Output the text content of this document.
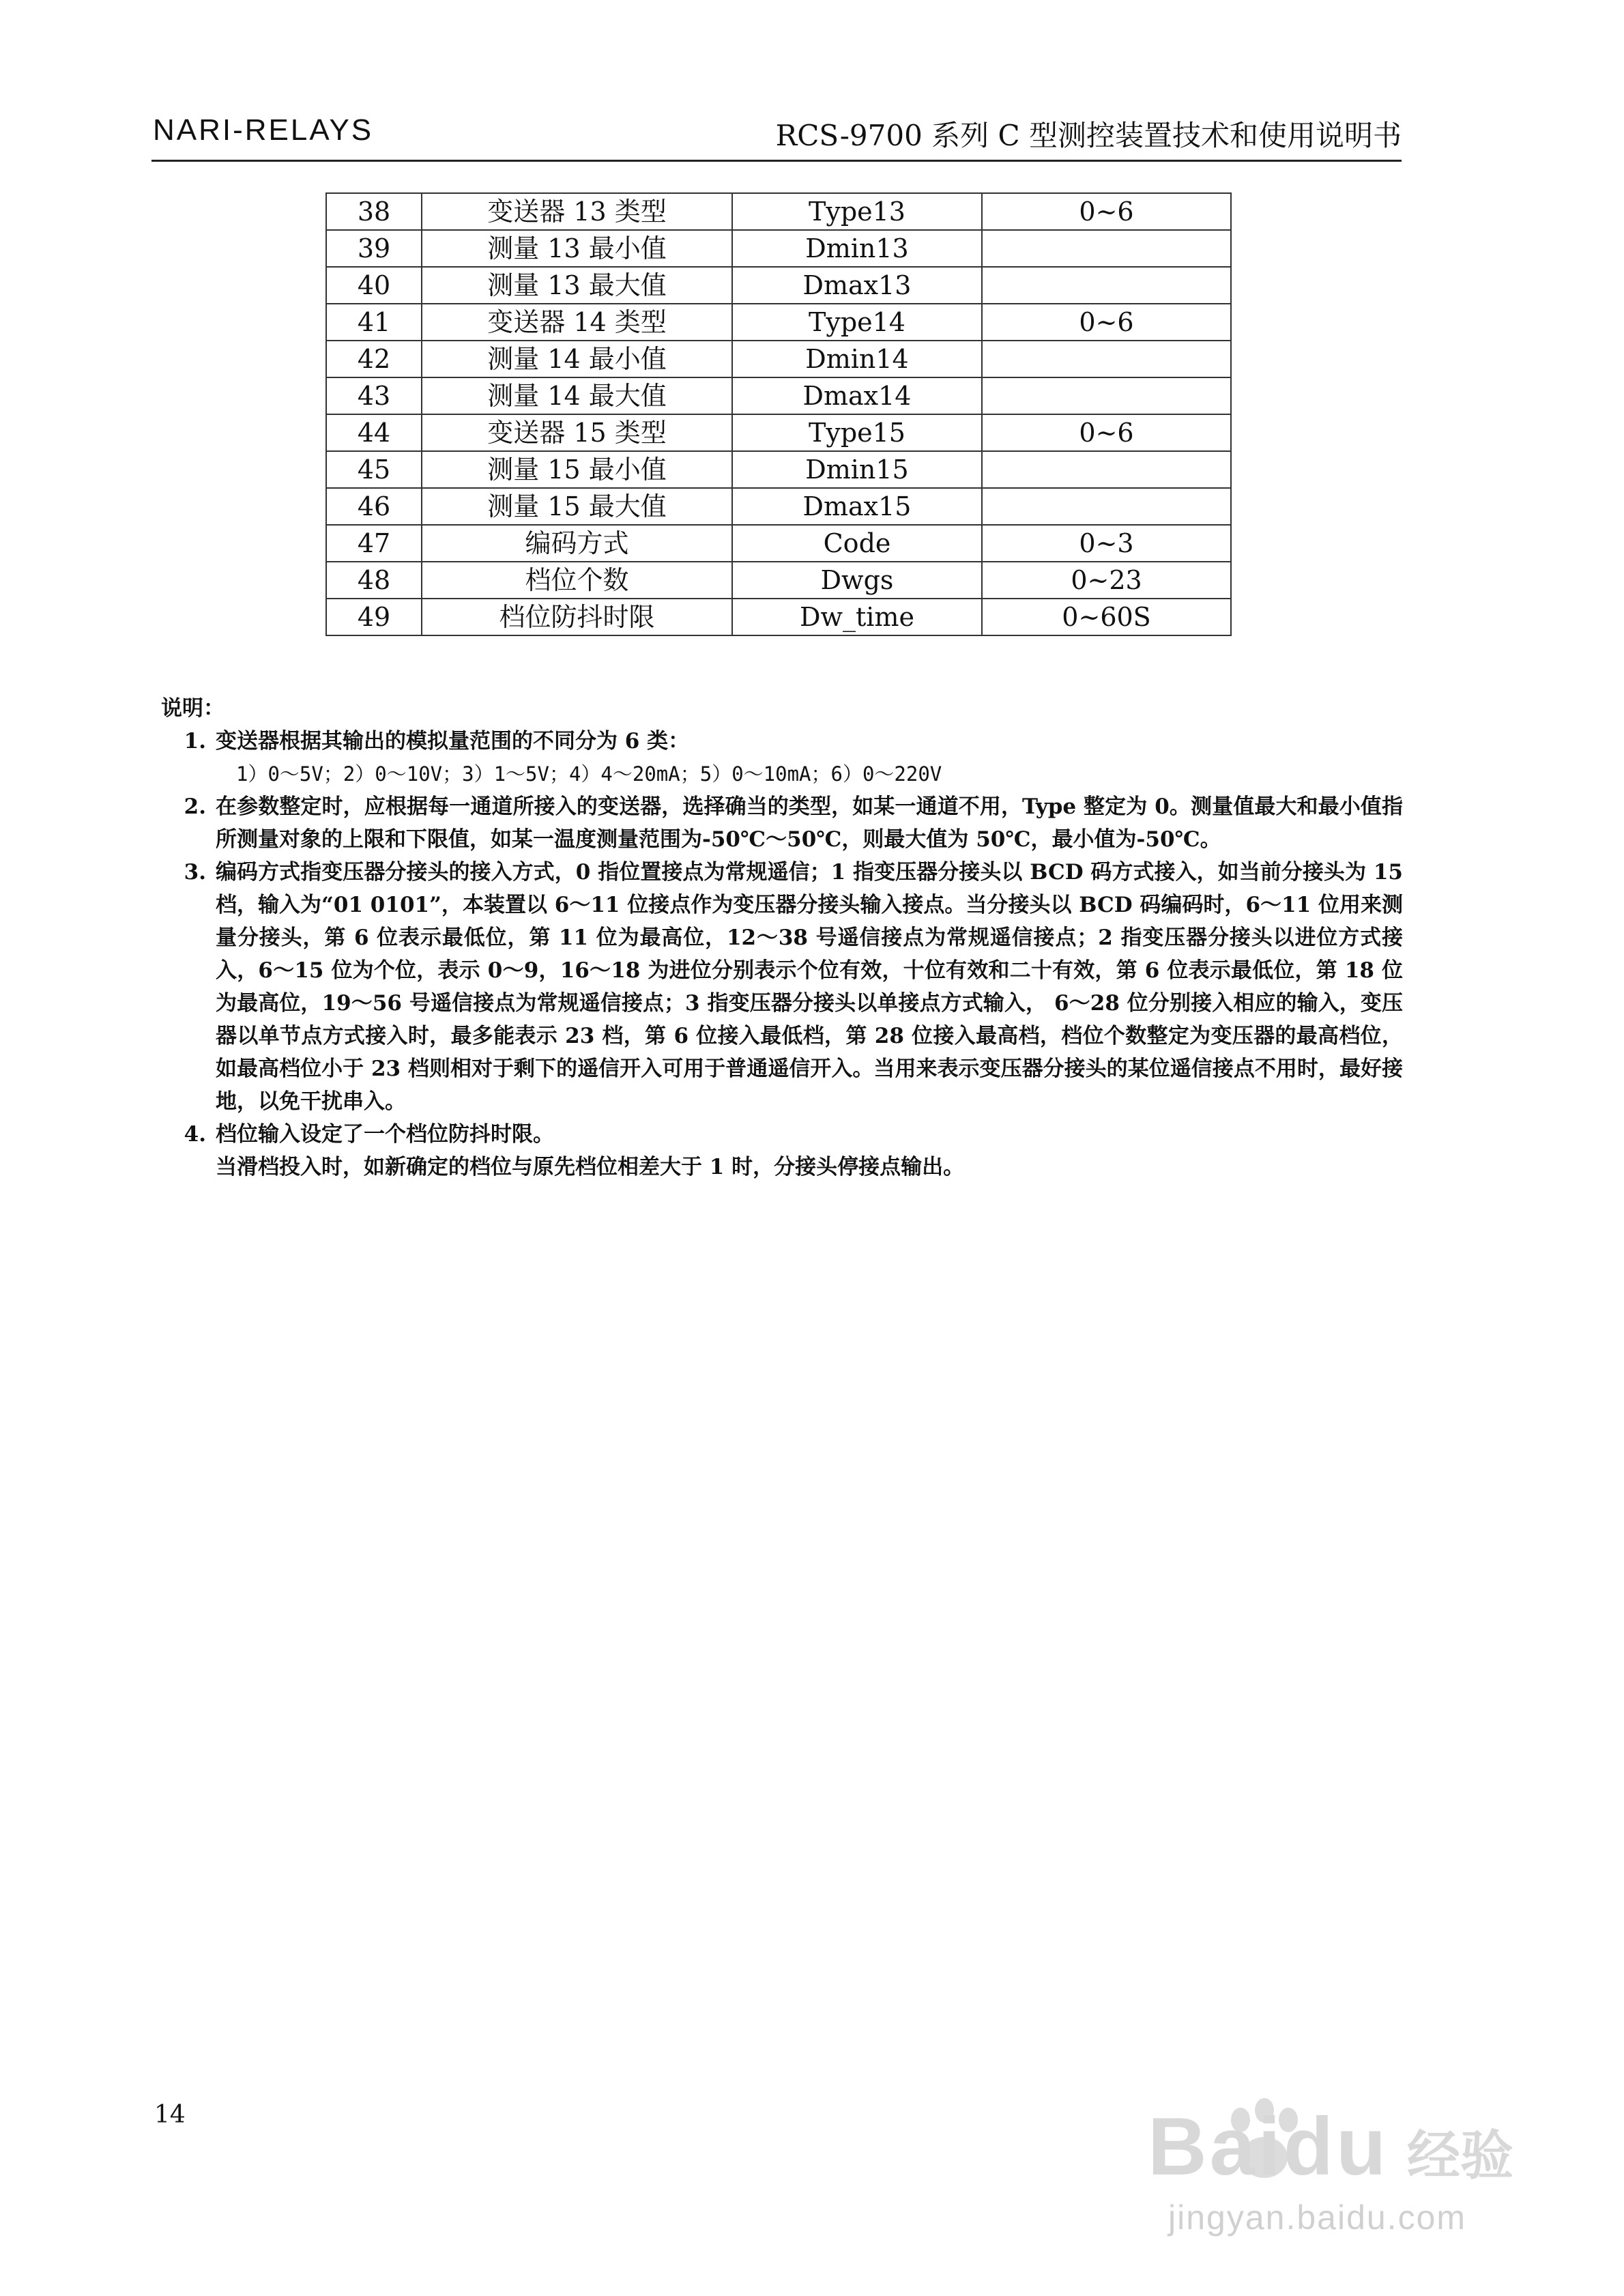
NARI-RELAYS	RCS-9700 系列 C 型测控装置技术和使用说明书
38	变送器 13 类型	Type13	0~6
39	测量 13 最小值	Dmin13	
40	测量 13 最大值	Dmax13	
41	变送器 14 类型	Type14	0~6
42	测量 14 最小值	Dmin14	
43	测量 14 最大值	Dmax14	
44	变送器 15 类型	Type15	0~6
45	测量 15 最小值	Dmin15	
46	测量 15 最大值	Dmax15	
47	编码方式	Code	0~3
48	档位个数	Dwgs	0~23
49	档位防抖时限	Dw_time	0~60S
说明：
1. 变送器根据其输出的模拟量范围的不同分为 6 类：
1）0～5V；2）0～10V；3）1～5V；4）4～20mA；5）0～10mA；6）0～220V
2. 在参数整定时，应根据每一通道所接入的变送器，选择确当的类型，如某一通道不用，Type 整定为 0。测量值最大和最小值指所测量对象的上限和下限值，如某一温度测量范围为-50℃～50℃，则最大值为 50℃，最小值为-50℃。
3. 编码方式指变压器分接头的接入方式，0 指位置接点为常规遥信；1 指变压器分接头以 BCD 码方式接入，如当前分接头为 15 档，输入为“01 0101”，本装置以 6～11 位接点作为变压器分接头输入接点。当分接头以 BCD 码编码时，6～11 位用来测量分接头，第 6 位表示最低位，第 11 位为最高位，12～38 号遥信接点为常规遥信接点；2 指变压器分接头以进位方式接入，6～15 位为个位，表示 0～9，16～18 为进位分别表示个位有效，十位有效和二十有效，第 6 位表示最低位，第 18 位为最高位，19～56 号遥信接点为常规遥信接点；3 指变压器分接头以单接点方式输入， 6～28 位分别接入相应的输入，变压器以单节点方式接入时，最多能表示 23 档，第 6 位接入最低档，第 28 位接入最高档，档位个数整定为变压器的最高档位，如最高档位小于 23 档则相对于剩下的遥信开入可用于普通遥信开入。当用来表示变压器分接头的某位遥信接点不用时，最好接地，以免干扰串入。
4. 档位输入设定了一个档位防抖时限。
当滑档投入时，如新确定的档位与原先档位相差大于 1 时，分接头停接点输出。
14	Baidu 经验
jingyan.baidu.com
